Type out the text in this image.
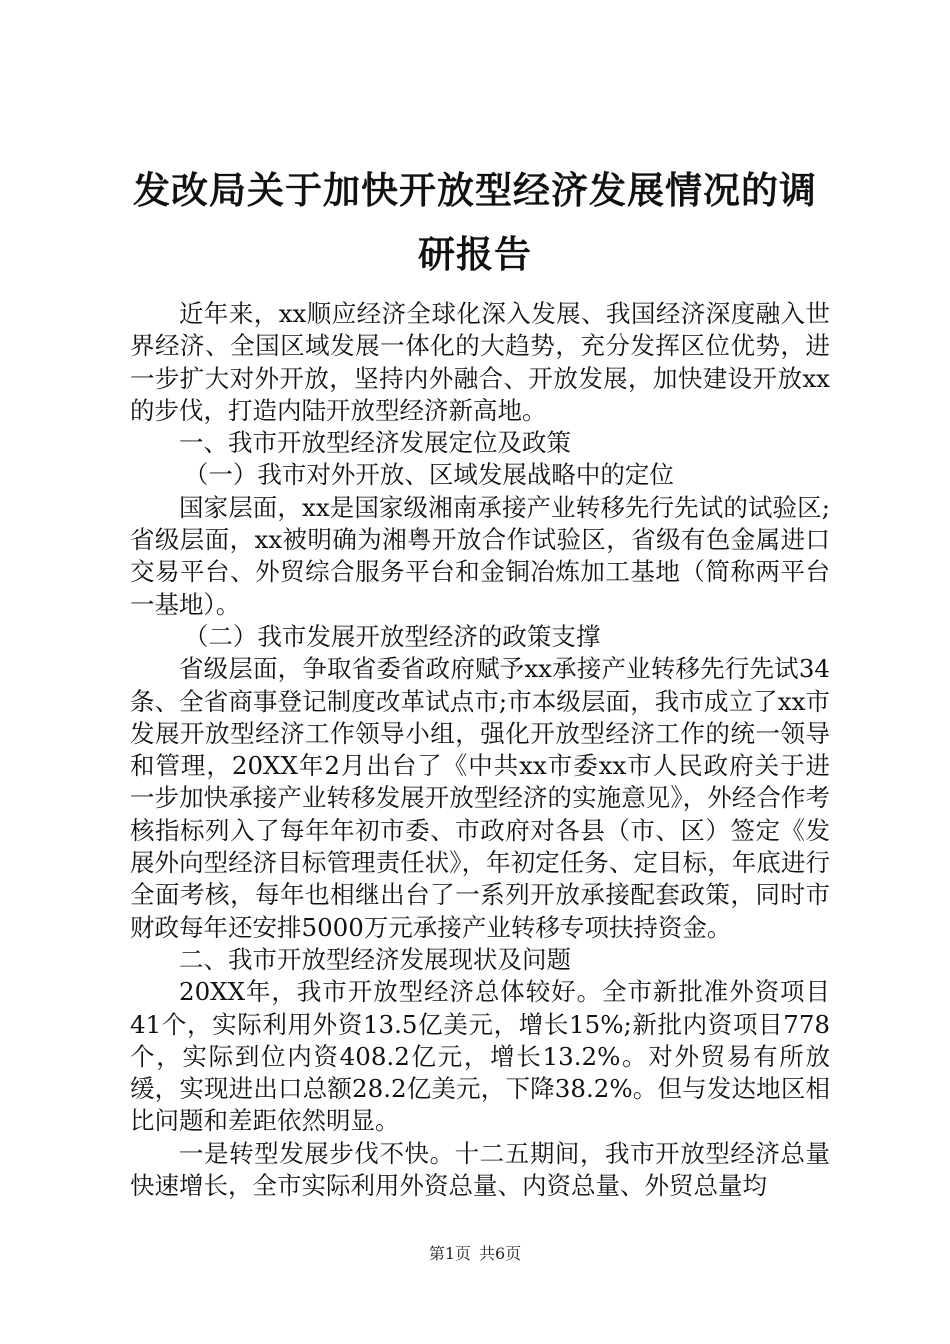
发改局关于加快开放型经济发展情况的调研报告

近年来，xx顺应经济全球化深入发展、我国经济深度融入世界经济、全国区域发展一体化的大趋势，充分发挥区位优势，进一步扩大对外开放，坚持内外融合、开放发展，加快建设开放xx的步伐，打造内陆开放型经济新高地。

一、我市开放型经济发展定位及政策

（一）我市对外开放、区域发展战略中的定位

国家层面，xx是国家级湘南承接产业转移先行先试的试验区;省级层面，xx被明确为湘粤开放合作试验区，省级有色金属进口交易平台、外贸综合服务平台和金铜冶炼加工基地（简称两平台一基地）。

（二）我市发展开放型经济的政策支撑

省级层面，争取省委省政府赋予xx承接产业转移先行先试34条、全省商事登记制度改革试点市;市本级层面，我市成立了xx市发展开放型经济工作领导小组，强化开放型经济工作的统一领导和管理，20XX年2月出台了《中共xx市委xx市人民政府关于进一步加快承接产业转移发展开放型经济的实施意见》，外经合作考核指标列入了每年年初市委、市政府对各县（市、区）签定《发展外向型经济目标管理责任状》，年初定任务、定目标，年底进行全面考核，每年也相继出台了一系列开放承接配套政策，同时市财政每年还安排5000万元承接产业转移专项扶持资金。

二、我市开放型经济发展现状及问题

20XX年，我市开放型经济总体较好。全市新批准外资项目41个，实际利用外资13.5亿美元，增长15%;新批内资项目778个，实际到位内资408.2亿元，增长13.2%。对外贸易有所放缓，实现进出口总额28.2亿美元，下降38.2%。但与发达地区相比问题和差距依然明显。

一是转型发展步伐不快。十二五期间，我市开放型经济总量快速增长，全市实际利用外资总量、内资总量、外贸总量均

第1页 共6页
